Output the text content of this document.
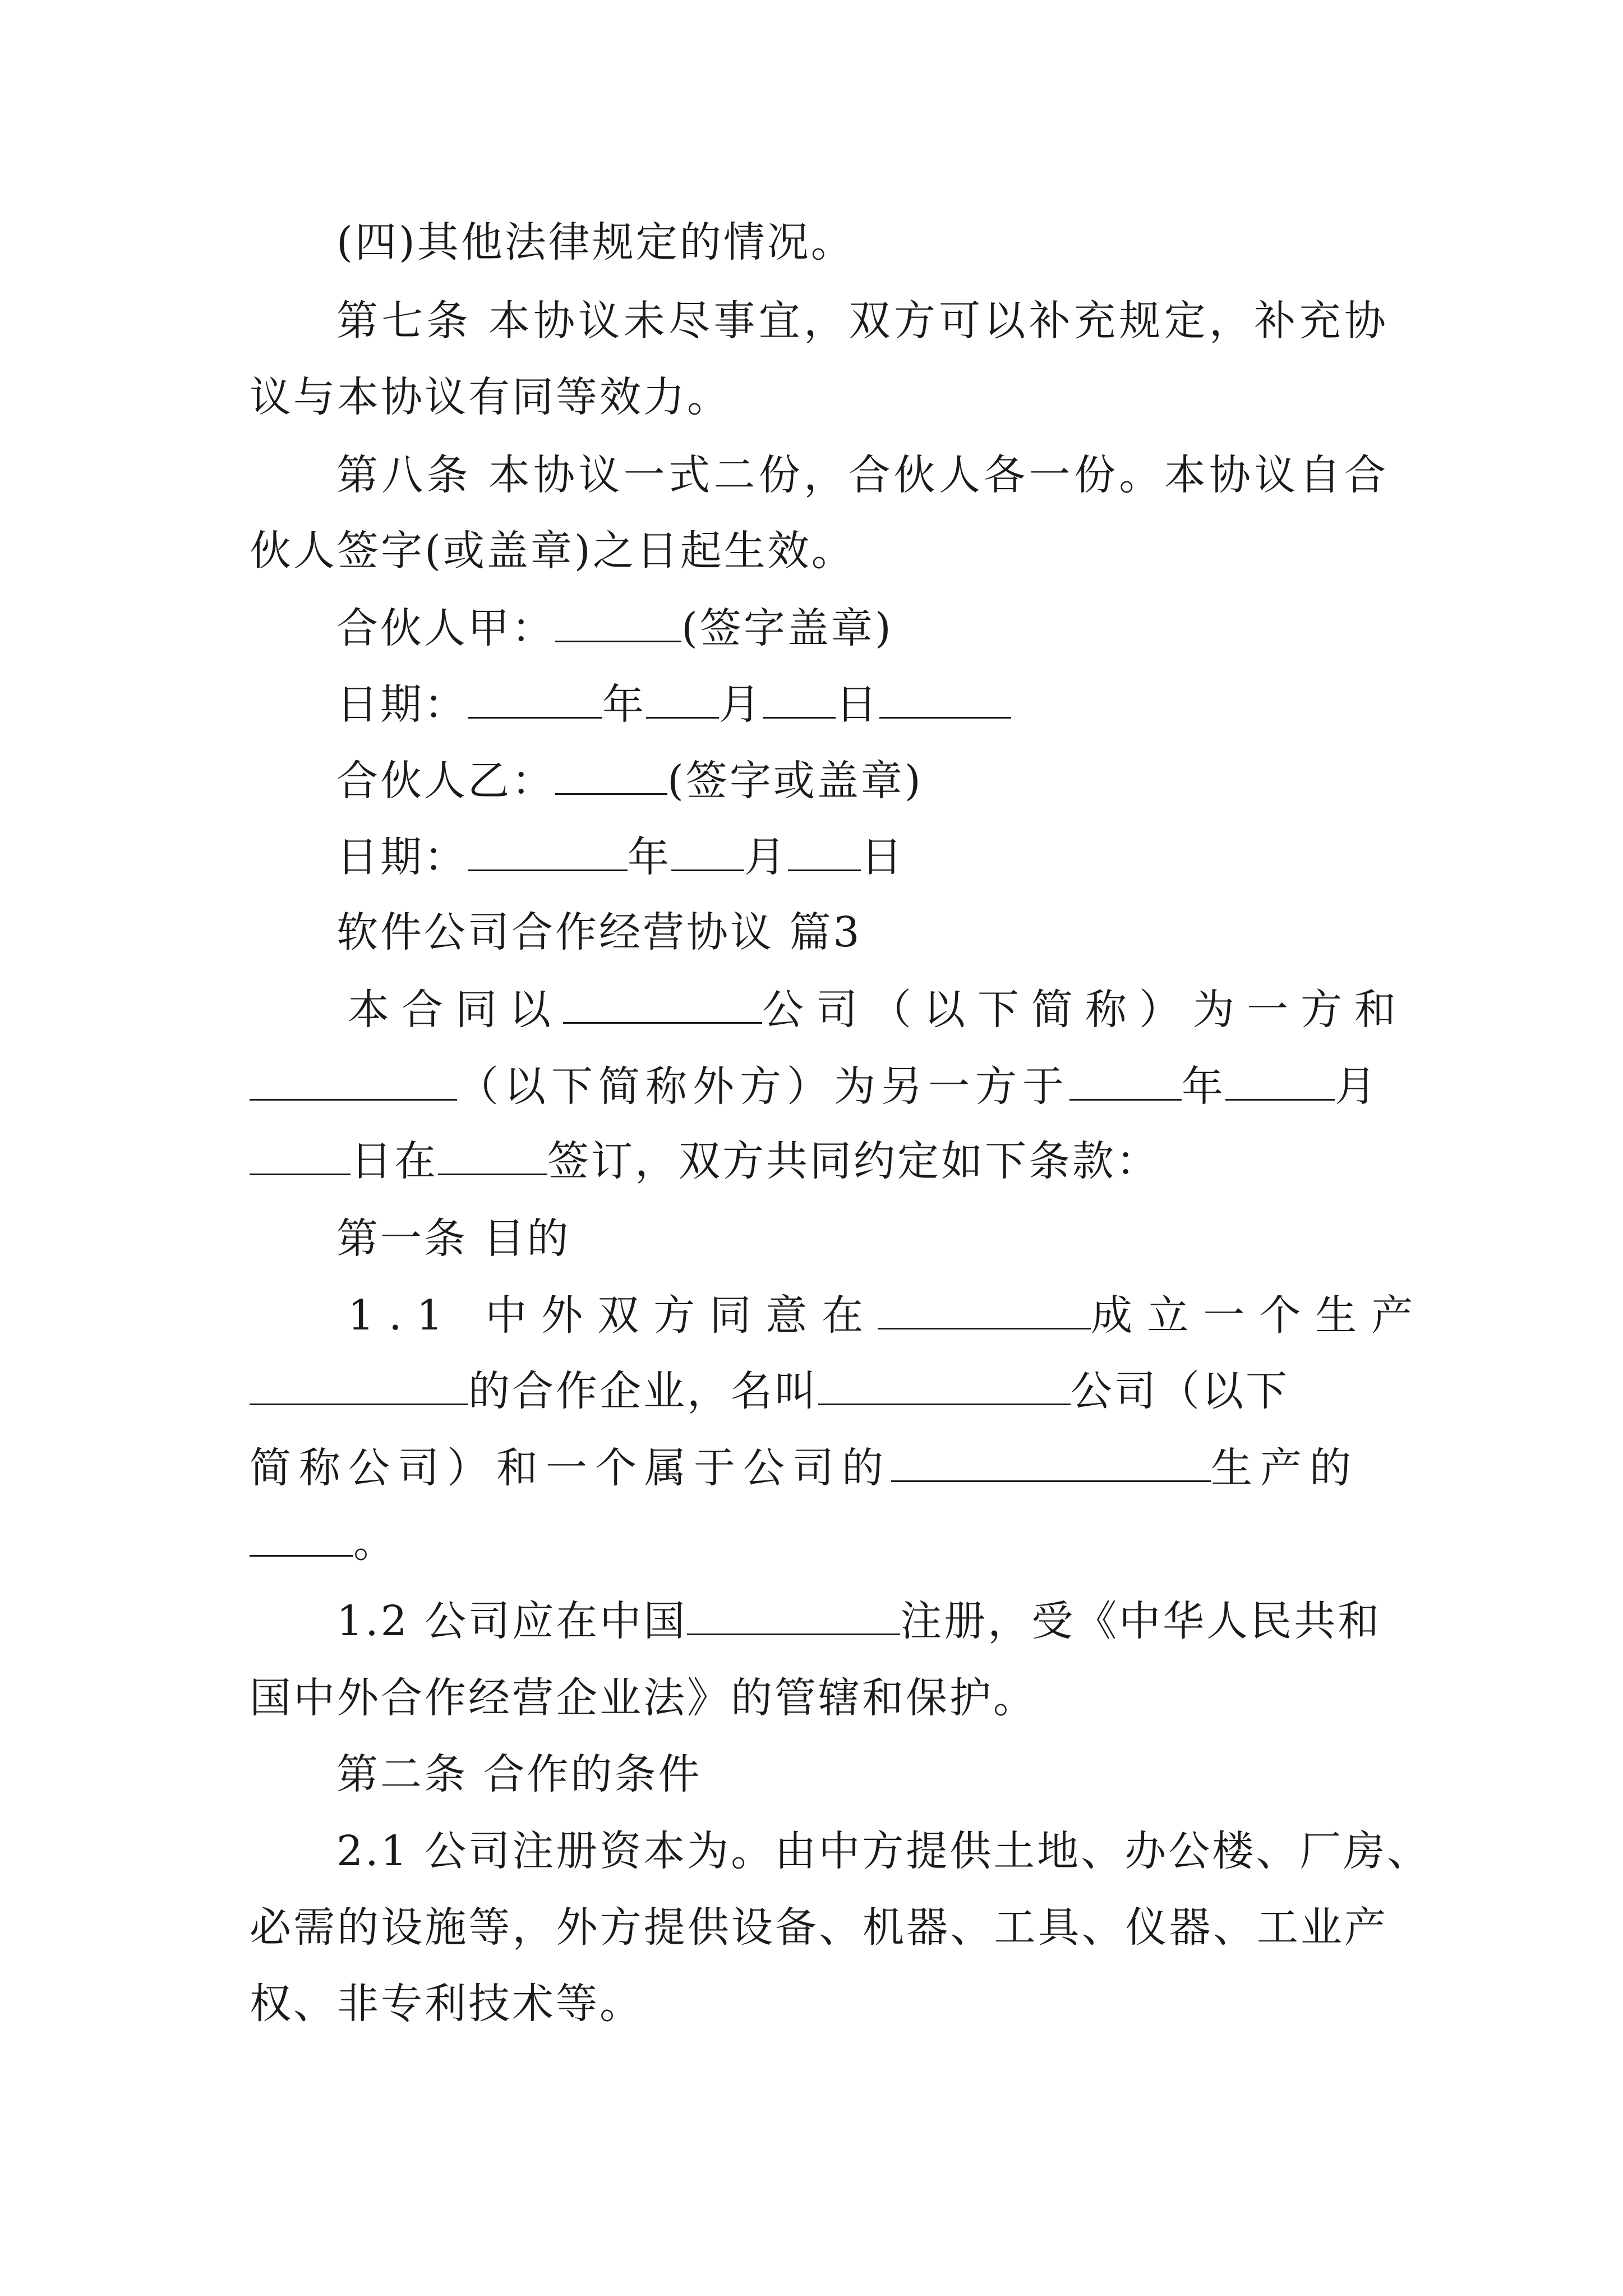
(四)其他法律规定的情况。
第七条 本协议未尽事宜，双方可以补充规定，补充协
议与本协议有同等效力。
第八条 本协议一式二份，合伙人各一份。本协议自合
伙人签字(或盖章)之日起生效。
合伙人甲：	(签字盖章)
日期：	年 月 日
合伙人乙：	(签字或盖章)
日期：	年 月 日
软件公司合作经营协议 篇3
本合同以	公司（以下简称）为一方和
（以下简称外方）为另一方于	年	月
日在	签订，双方共同约定如下条款：
第一条 目的
1.1 中外双方同意在	成立一个生产
的合作企业，名叫	公司（以下
简称公司）和一个属于公司的	生产的
。
1.2 公司应在中国	注册，受《中华人民共和
国中外合作经营企业法》的管辖和保护。
第二条 合作的条件
2.1 公司注册资本为。由中方提供土地、办公楼、厂房、
必需的设施等，外方提供设备、机器、工具、仪器、工业产
权、非专利技术等。
